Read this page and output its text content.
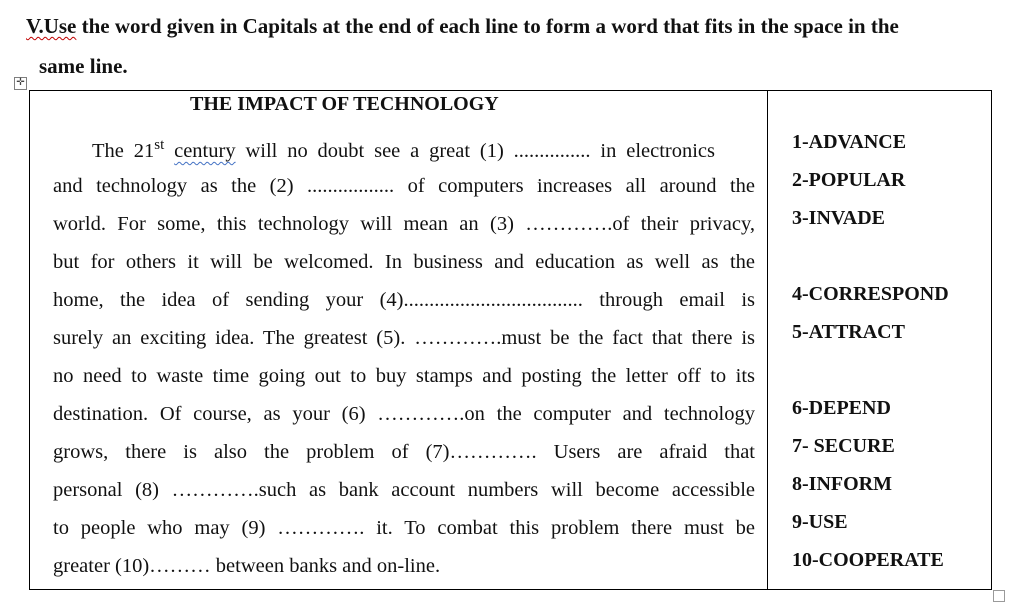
V.Use the word given in Capitals at the end of each line to form a word that fits in the space in the
same line.
✛
THE IMPACT OF TECHNOLOGY
The 21st century will no doubt see a great (1) ............... in electronics
and technology as the (2) ................. of computers increases all around the
world. For some, this technology will mean an (3) ………….of their privacy,
but for others it will be welcomed. In business and education as well as the
home, the idea of sending your (4)................................... through email is
surely an exciting idea. The greatest (5). ………….must be the fact that there is
no need to waste time going out to buy stamps and posting the letter off to its
destination. Of course, as your (6) ………….on the computer and technology
grows, there is also the problem of (7)…………. Users are afraid that
personal (8) ………….such as bank account numbers will become accessible
to people who may (9) …………. it. To combat this problem there must be
greater (10)……… between banks and on-line.
1-ADVANCE
2-POPULAR
3-INVADE
4-CORRESPOND
5-ATTRACT
6-DEPEND
7- SECURE
8-INFORM
9-USE
10-COOPERATE
